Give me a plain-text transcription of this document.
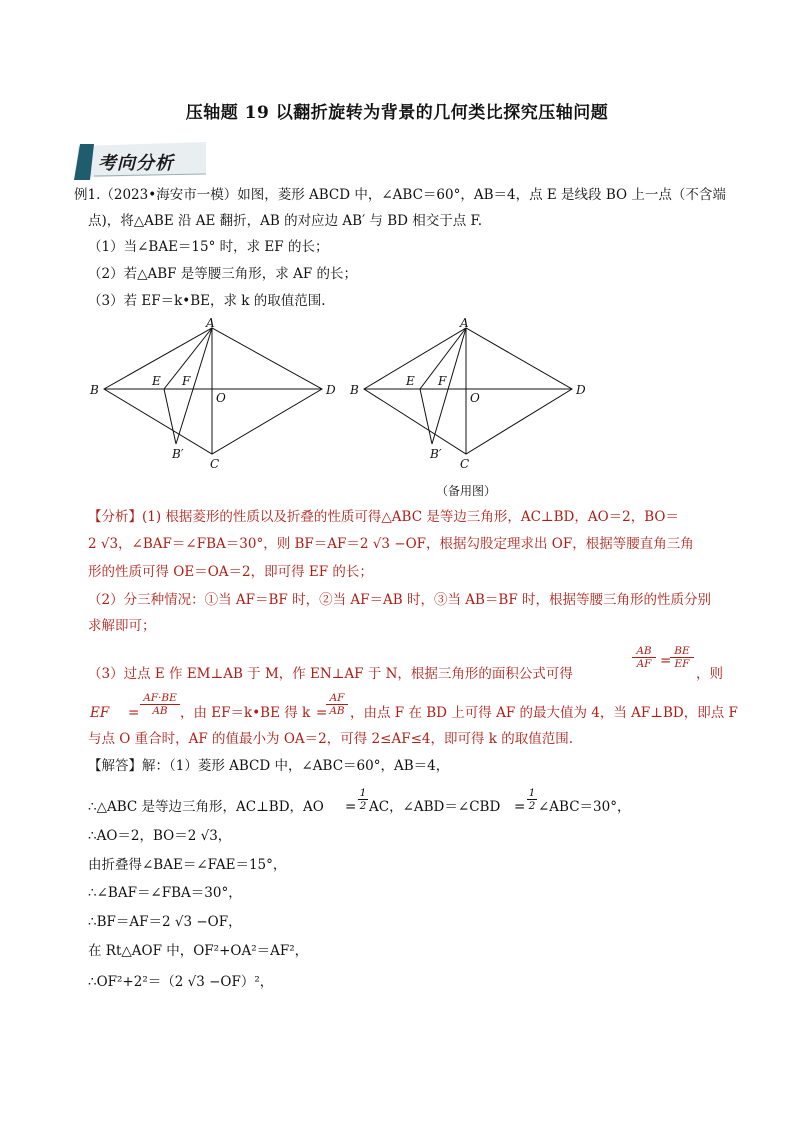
压轴题 19 以翻折旋转为背景的几何类比探究压轴问题
考向分析
例1.（2023•海安市一模）如图，菱形 ABCD 中，∠ABC＝60°，AB＝4，点 E 是线段 BO 上一点（不含端
点)，将△ABE 沿 AE 翻折，AB 的对应边 AB′ 与 BD 相交于点 F.
（1）当∠BAE＝15° 时，求 EF 的长；
（2）若△ABF 是等腰三角形，求 AF 的长；
（3）若 EF＝k•BE，求 k 的取值范围.
A
B	D
C
E F
O
B′
A
B	D
C
E F
O
B′
（备用图）
【分析】(1) 根据菱形的性质以及折叠的性质可得△ABC 是等边三角形，AC⊥BD，AO＝2，BO＝
2 √3，∠BAF＝∠FBA＝30°，则 BF＝AF＝2 √3 −OF，根据勾股定理求出 OF，根据等腰直角三角
形的性质可得 OE＝OA＝2，即可得 EF 的长；
（2）分三种情况：①当 AF＝BF 时，②当 AF＝AB 时，③当 AB＝BF 时，根据等腰三角形的性质分别
求解即可；
（3）过点 E 作 EM⊥AB 于 M，作 EN⊥AF 于 N，根据三角形的面积公式可得
$\frac{AB}{AF}$ =
$\frac{BE}{EF}$
，则
EF = $\frac{AF\cdot BE}{AB}$ ，由 EF＝k•BE 得 k =
$\frac{AF}{AB}$ ，由点 F 在 BD 上可得 AF 的最大值为 4，当 AF⊥BD，即点 F
与点 O 重合时，AF 的值最小为 OA＝2，可得 2≤AF≤4，即可得 k 的取值范围.
【解答】解：（1）菱形 ABCD 中，∠ABC＝60°，AB＝4，
∴△ABC 是等边三角形，AC⊥BD，AO = $\frac{1}{2}$ AC，∠ABD＝∠CBD = $\frac{1}{2}$ ∠ABC＝30°，
∴AO＝2，BO＝2 √3，
由折叠得∠BAE＝∠FAE＝15°，
∴∠BAF＝∠FBA＝30°，
∴BF＝AF＝2 √3 −OF，
在 Rt△AOF 中，OF²+OA²＝AF²，
∴OF²+2²＝（2 √3 −OF）²，
